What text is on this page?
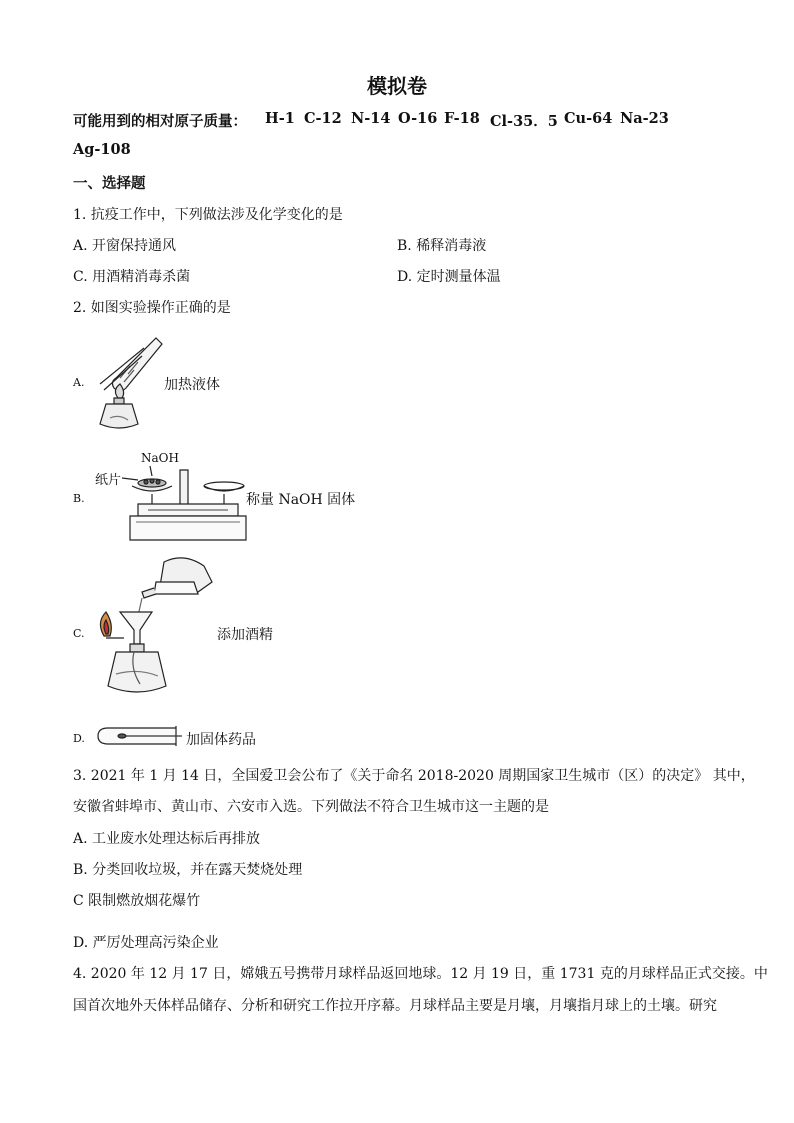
模拟卷
可能用到的相对原子质量： H-1 C-12 N-14 O-16 F-18 Cl-35．5 Cu-64 Na-23
Ag-108
一、选择题
1. 抗疫工作中，下列做法涉及化学变化的是
A. 开窗保持通风	B. 稀释消毒液
C. 用酒精消毒杀菌	D. 定时测量体温
2. 如图实验操作正确的是
A.	加热液体
B.
NaOH
纸片
称量 NaOH 固体
C.	添加酒精
D.	加固体药品
3. 2021 年 1 月 14 日，全国爱卫会公布了《关于命名 2018-2020 周期国家卫生城市（区）的决定》 其中，
安徽省蚌埠市、黄山市、六安市入选。下列做法不符合卫生城市这一主题的是
A. 工业废水处理达标后再排放
B. 分类回收垃圾，并在露天焚烧处理
C 限制燃放烟花爆竹
D. 严厉处理高污染企业
4. 2020 年 12 月 17 日，嫦娥五号携带月球样品返回地球。12 月 19 日，重 1731 克的月球样品正式交接。中
国首次地外天体样品储存、分析和研究工作拉开序幕。月球样品主要是月壤，月壤指月球上的土壤。研究
